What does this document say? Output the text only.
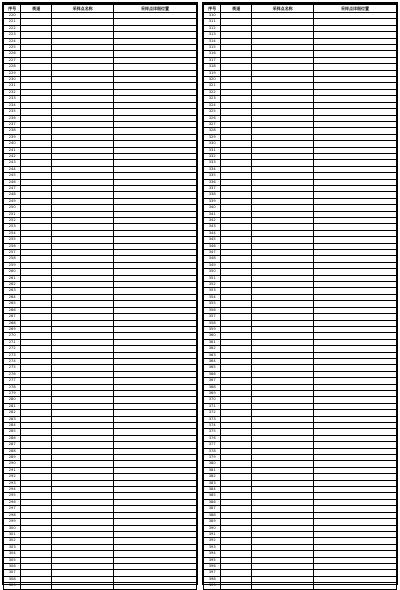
序号	街道	采样点名称	采样点详细位置
220			
221			
222			
223			
224			
225			
226			
227			
228			
229			
230			
231			
232			
233			
234			
235			
236			
237			
238			
239			
240			
241			
242			
243			
244			
245			
246			
247			
248			
249			
250			
251			
252			
253			
254			
255			
256			
257			
258			
259			
260			
261			
262			
263			
264			
265			
266			
267			
268			
269			
270			
271			
272			
273			
274			
275			
276			
277			
278			
279			
280			
281			
282			
283			
284			
285			
286			
287			
288			
289			
290			
291			
292			
293			
294			
295			
296			
297			
298			
299			
300			
301			
302			
303			
304			
305			
306			
307			
308			
309			
序号	街道	采样点名称	采样点详细位置
310			
311			
312			
313			
314			
315			
316			
317			
318			
319			
320			
321			
322			
323			
324			
325			
326			
327			
328			
329			
330			
331			
332			
333			
334			
335			
336			
337			
338			
339			
340			
341			
342			
343			
344			
345			
346			
347			
348			
349			
350			
351			
352			
353			
354			
355			
356			
357			
358			
359			
360			
361			
362			
363			
364			
365			
366			
367			
368			
369			
370			
371			
372			
373			
374			
375			
376			
377			
378			
379			
380			
381			
382			
383			
384			
385			
386			
387			
388			
389			
390			
391			
392			
393			
394			
395			
396			
397			
398			
399			
